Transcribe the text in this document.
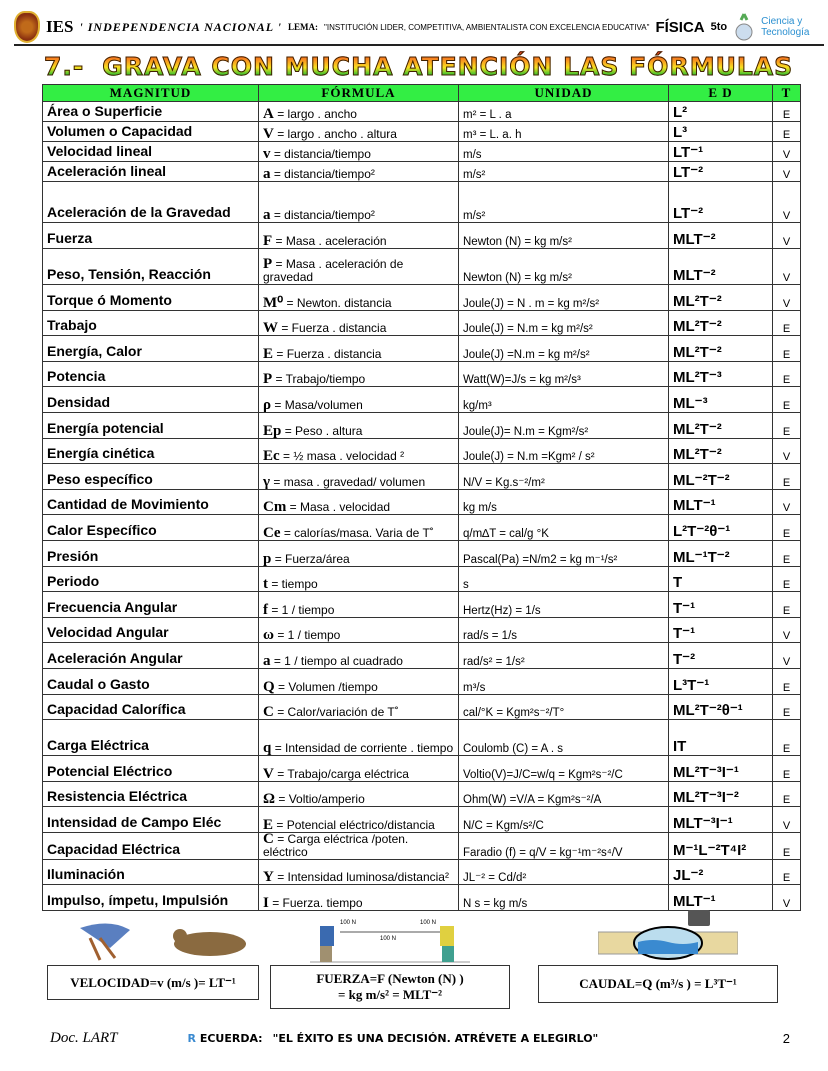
IES ' INDEPENDENCIA NACIONAL ' LEMA: "INSTITUCIÓN LIDER, COMPETITIVA, AMBIENTALISTA CON EXCELENCIA EDUCATIVA" FÍSICA 5to	Ciencia y
Tecnología
7.- GRAVA CON MUCHA ATENCIÓN LAS FÓRMULAS
MAGNITUD	FÓRMULA	UNIDAD	E D	T
Área o Superficie	A = largo . ancho	m² = L . a	L²	E
Volumen o Capacidad	V = largo . ancho . altura	m³ = L. a. h	L³	E
Velocidad lineal	v = distancia/tiempo	m/s	LT⁻¹	V
Aceleración lineal	a = distancia/tiempo²	m/s²	LT⁻²	V
Aceleración de la Gravedad	a = distancia/tiempo²	m/s²	LT⁻²	V
Fuerza	F = Masa . aceleración	Newton (N) = kg m/s²	MLT⁻²	V
Peso, Tensión, Reacción	P = Masa . aceleración de gravedad	Newton (N) = kg m/s²	MLT⁻²	V
Torque ó Momento	M⁰ = Newton. distancia	Joule(J) = N . m = kg m²/s²	ML²T⁻²	V
Trabajo	W = Fuerza . distancia	Joule(J) = N.m = kg m²/s²	ML²T⁻²	E
Energía, Calor	E = Fuerza . distancia	Joule(J) =N.m = kg m²/s²	ML²T⁻²	E
Potencia	P = Trabajo/tiempo	Watt(W)=J/s = kg m²/s³	ML²T⁻³	E
Densidad	ρ = Masa/volumen	kg/m³	ML⁻³	E
Energía potencial	Ep = Peso . altura	Joule(J)= N.m = Kgm²/s²	ML²T⁻²	E
Energía cinética	Ec = ½ masa . velocidad ²	Joule(J) = N.m =Kgm² / s²	ML²T⁻²	V
Peso específico	γ = masa . gravedad/ volumen	N/V = Kg.s⁻²/m²	ML⁻²T⁻²	E
Cantidad de Movimiento	Cm = Masa . velocidad	kg m/s	MLT⁻¹	V
Calor Específico	Ce = calorías/masa. Varia de T˚	q/m∆T = cal/g °K	L²T⁻²θ⁻¹	E
Presión	p = Fuerza/área	Pascal(Pa) =N/m2 = kg m⁻¹/s²	ML⁻¹T⁻²	E
Periodo	t = tiempo	s	T	E
Frecuencia Angular	f = 1 / tiempo	Hertz(Hz) = 1/s	T⁻¹	E
Velocidad Angular	ω = 1 / tiempo	rad/s = 1/s	T⁻¹	V
Aceleración Angular	a = 1 / tiempo al cuadrado	rad/s² = 1/s²	T⁻²	V
Caudal o Gasto	Q = Volumen /tiempo	m³/s	L³T⁻¹	E
Capacidad Calorífica	C = Calor/variación de T˚	cal/°K = Kgm²s⁻²/T°	ML²T⁻²θ⁻¹	E
Carga Eléctrica	q = Intensidad de corriente . tiempo	Coulomb (C) = A . s	IT	E
Potencial Eléctrico	V = Trabajo/carga eléctrica	Voltio(V)=J/C=w/q = Kgm²s⁻²/C	ML²T⁻³I⁻¹	E
Resistencia Eléctrica	Ω = Voltio/amperio	Ohm(W) =V/A = Kgm²s⁻²/A	ML²T⁻³I⁻²	E
Intensidad de Campo Eléc	E = Potencial eléctrico/distancia	N/C = Kgm/s²/C	MLT⁻³I⁻¹	V
Capacidad Eléctrica	C = Carga eléctrica /poten. eléctrico	Faradio (f) = q/V = kg⁻¹m⁻²s⁴/V	M⁻¹L⁻²T⁴I²	E
Iluminación	Y = Intensidad luminosa/distancia²	JL⁻² = Cd/d²	JL⁻²	E
Impulso, ímpetu, Impulsión	I = Fuerza. tiempo	N s = kg m/s	MLT⁻¹	V
100 N	100 N
100 N
VELOCIDAD=v (m/s )= LT⁻¹	FUERZA=F (Newton (N) )
= kg m/s² = MLT⁻²
CAUDAL=Q (m³/s ) = L³T⁻¹
Doc. LART	R ECUERDA: "EL ÉXITO ES UNA DECISIÓN. ATRÉVETE A ELEGIRLO"	2
